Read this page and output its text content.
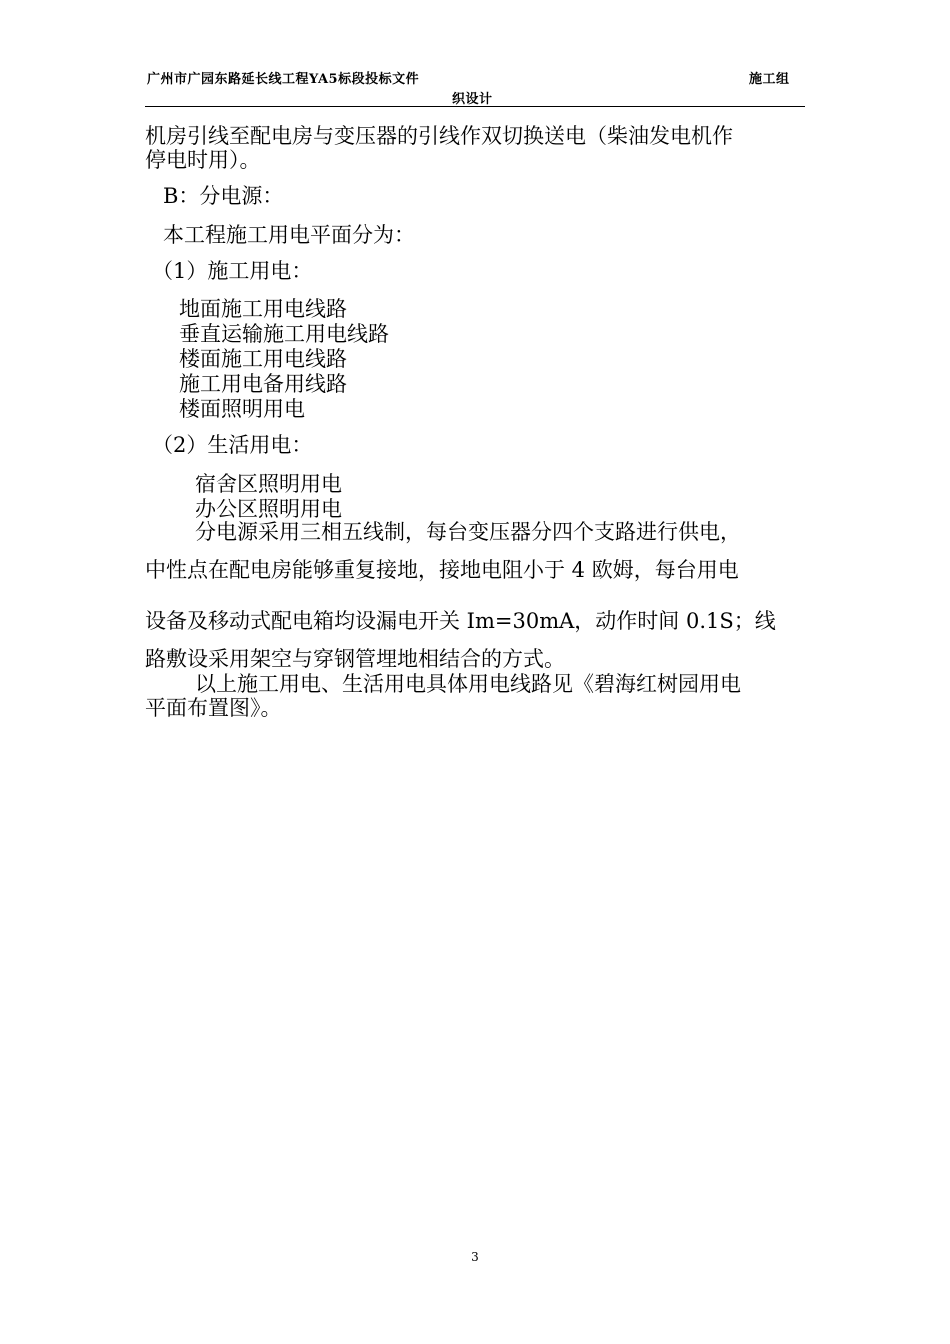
广州市广园东路延长线工程YA5标段投标文件	施工组
织设计
机房引线至配电房与变压器的引线作双切换送电（柴油发电机作
停电时用）。
B：分电源：
本工程施工用电平面分为：
（1）施工用电：
地面施工用电线路
垂直运输施工用电线路
楼面施工用电线路
施工用电备用线路
楼面照明用电
（2）生活用电：
宿舍区照明用电
办公区照明用电
分电源采用三相五线制，每台变压器分四个支路进行供电，
中性点在配电房能够重复接地，接地电阻小于 4 欧姆，每台用电
设备及移动式配电箱均设漏电开关 Im=30mA，动作时间 0.1S；线
路敷设采用架空与穿钢管埋地相结合的方式。
以上施工用电、生活用电具体用电线路见《碧海红树园用电
平面布置图》。
3
